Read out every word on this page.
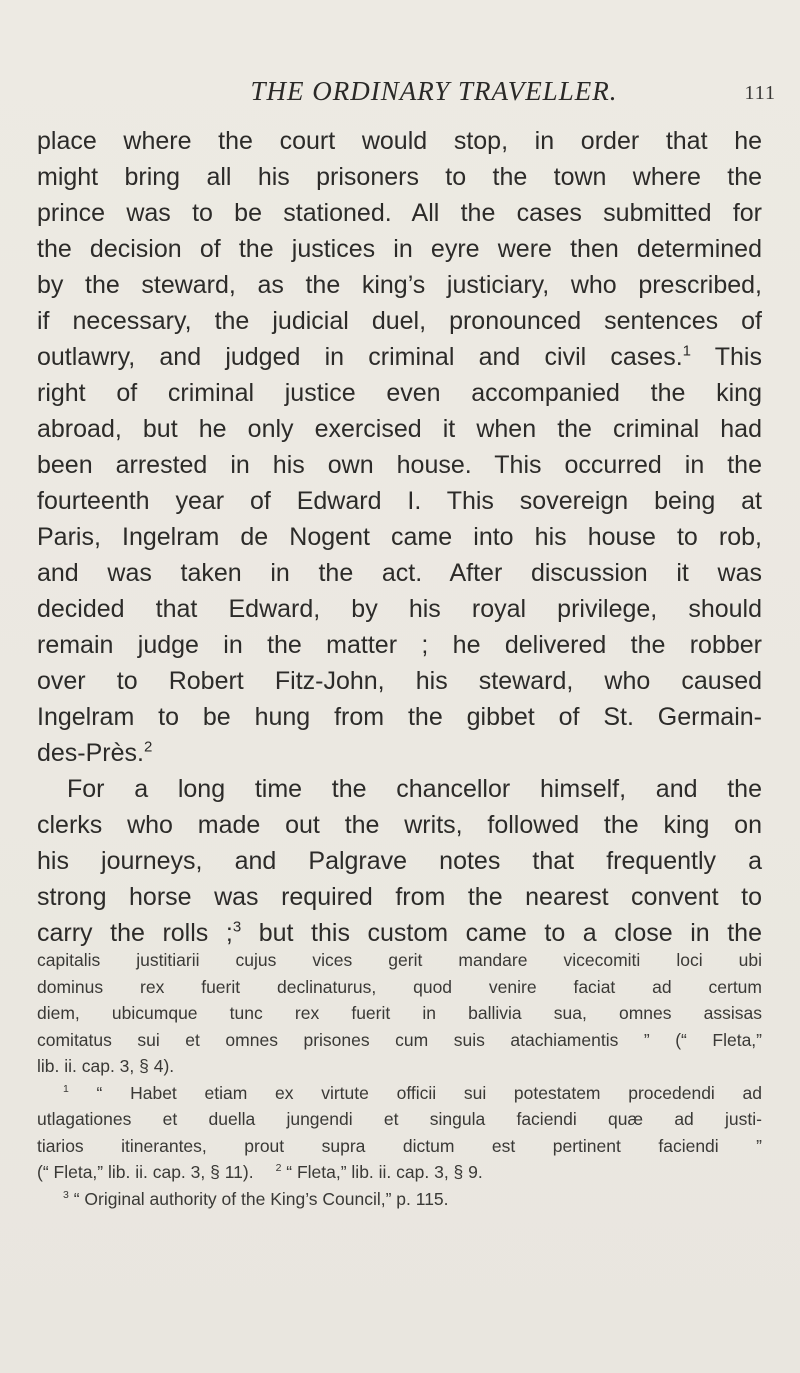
THE ORDINARY TRAVELLER.	111

place where the court would stop, in order that he

might bring all his prisoners to the town where the

prince was to be stationed. All the cases submitted for

the decision of the justices in eyre were then determined

by the steward, as the king’s justiciary, who prescribed,

if necessary, the judicial duel, pronounced sentences of

outlawry, and judged in criminal and civil cases.$^1$ This

right of criminal justice even accompanied the king

abroad, but he only exercised it when the criminal had

been arrested in his own house. This occurred in the

fourteenth year of Edward I. This sovereign being at

Paris, Ingelram de Nogent came into his house to rob,

and was taken in the act. After discussion it was

decided that Edward, by his royal privilege, should

remain judge in the matter ; he delivered the robber

over to Robert Fitz-John, his steward, who caused

Ingelram to be hung from the gibbet of St. Germain-

des-Près.$^2$

For a long time the chancellor himself, and the

clerks who made out the writs, followed the king on

his journeys, and Palgrave notes that frequently a

strong horse was required from the nearest convent to

carry the rolls ;$^3$ but this custom came to a close in the

capitalis justitiarii cujus vices gerit mandare vicecomiti loci ubi

dominus rex fuerit declinaturus, quod venire faciat ad certum

diem, ubicumque tunc rex fuerit in ballivia sua, omnes assisas

comitatus sui et omnes prisones cum suis atachiamentis ” (“ Fleta,”

lib. ii. cap. 3, § 4).

$^1$ “ Habet etiam ex virtute officii sui potestatem procedendi ad

utlagationes et duella jungendi et singula faciendi quæ ad justi-

tiarios itinerantes, prout supra dictum est pertinent faciendi ”

(“ Fleta,” lib. ii. cap. 3, § 11). $^2$ “ Fleta,” lib. ii. cap. 3, § 9.

$^3$ “ Original authority of the King’s Council,” p. 115.
